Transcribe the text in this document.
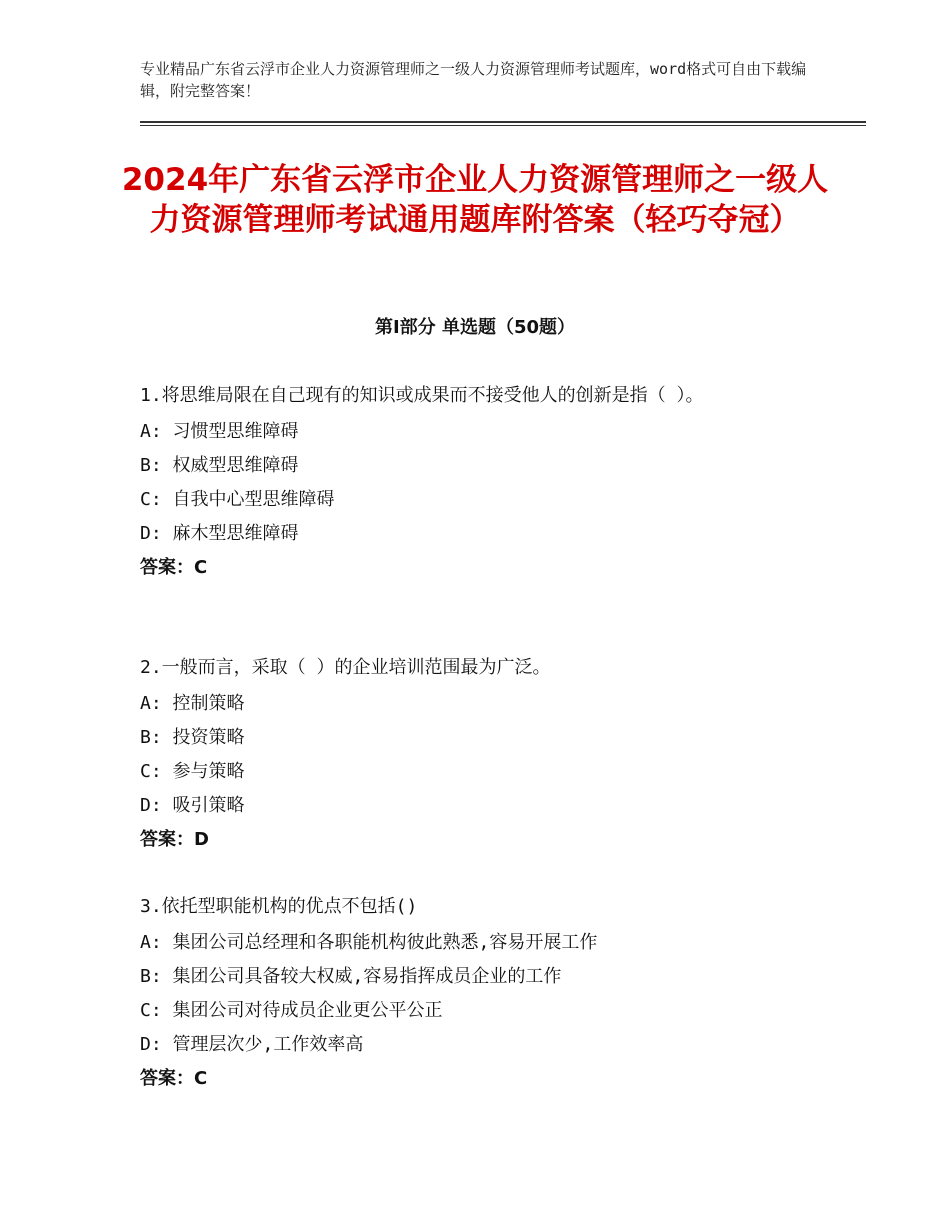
专业精品广东省云浮市企业人力资源管理师之一级人力资源管理师考试题库，word格式可自由下载编辑，附完整答案！
2024年广东省云浮市企业人力资源管理师之一级人力资源管理师考试通用题库附答案（轻巧夺冠）
第Ⅰ部分 单选题（50题）
1.将思维局限在自己现有的知识或成果而不接受他人的创新是指（ ）。
A: 习惯型思维障碍
B: 权威型思维障碍
C: 自我中心型思维障碍
D: 麻木型思维障碍
答案：C
2.一般而言，采取（ ）的企业培训范围最为广泛。
A: 控制策略
B: 投资策略
C: 参与策略
D: 吸引策略
答案：D
3.依托型职能机构的优点不包括()
A: 集团公司总经理和各职能机构彼此熟悉,容易开展工作
B: 集团公司具备较大权威,容易指挥成员企业的工作
C: 集团公司对待成员企业更公平公正
D: 管理层次少,工作效率高
答案：C
